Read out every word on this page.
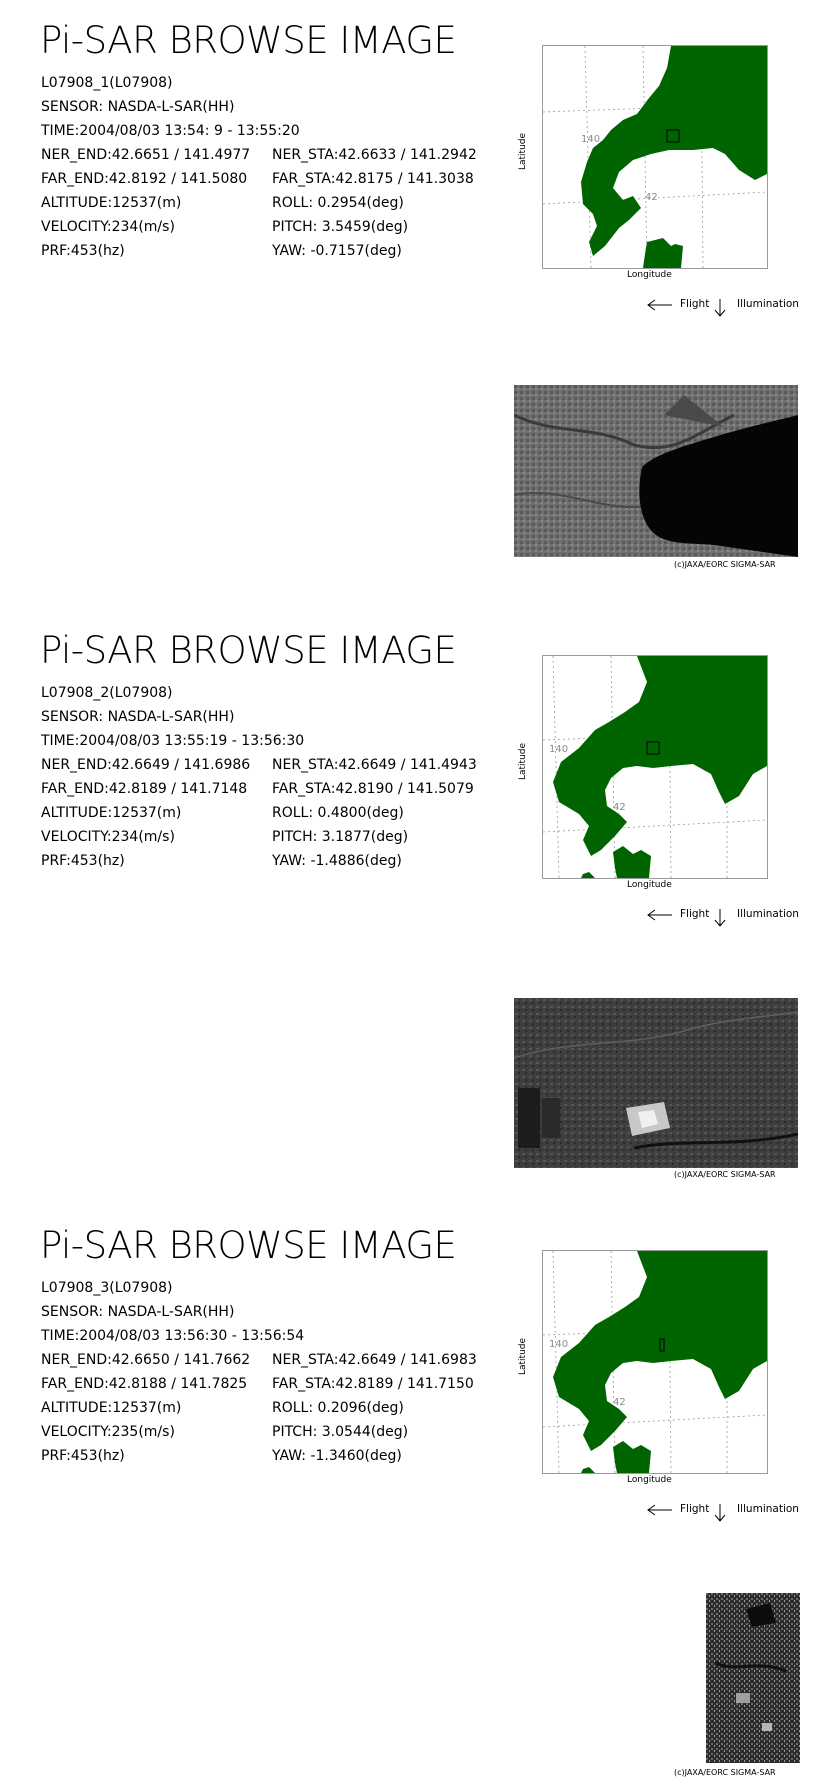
Pi-SAR BROWSE IMAGE
L07908_1(L07908)
SENSOR: NASDA-L-SAR(HH)
TIME:2004/08/03 13:54: 9 - 13:55:20
NER_END:42.6651 / 141.4977 NER_STA:42.6633 / 141.2942
FAR_END:42.8192 / 141.5080 FAR_STA:42.8175 / 141.3038
ALTITUDE:12537(m)	ROLL: 0.2954(deg)
VELOCITY:234(m/s)	PITCH: 3.5459(deg)
PRF:453(hz)	YAW: -0.7157(deg)
140
42
Latitude
Longitude
Flight	Illumination
(c)JAXA/EORC SIGMA-SAR
Pi-SAR BROWSE IMAGE
L07908_2(L07908)
SENSOR: NASDA-L-SAR(HH)
TIME:2004/08/03 13:55:19 - 13:56:30
NER_END:42.6649 / 141.6986 NER_STA:42.6649 / 141.4943
FAR_END:42.8189 / 141.7148 FAR_STA:42.8190 / 141.5079
ALTITUDE:12537(m)	ROLL: 0.4800(deg)
VELOCITY:234(m/s)	PITCH: 3.1877(deg)
PRF:453(hz)	YAW: -1.4886(deg)
140
42
Latitude
Longitude
Flight	Illumination
(c)JAXA/EORC SIGMA-SAR
Pi-SAR BROWSE IMAGE
L07908_3(L07908)
SENSOR: NASDA-L-SAR(HH)
TIME:2004/08/03 13:56:30 - 13:56:54
NER_END:42.6650 / 141.7662 NER_STA:42.6649 / 141.6983
FAR_END:42.8188 / 141.7825 FAR_STA:42.8189 / 141.7150
ALTITUDE:12537(m)	ROLL: 0.2096(deg)
VELOCITY:235(m/s)	PITCH: 3.0544(deg)
PRF:453(hz)	YAW: -1.3460(deg)
140
42
Latitude
Longitude
Flight	Illumination
(c)JAXA/EORC SIGMA-SAR
